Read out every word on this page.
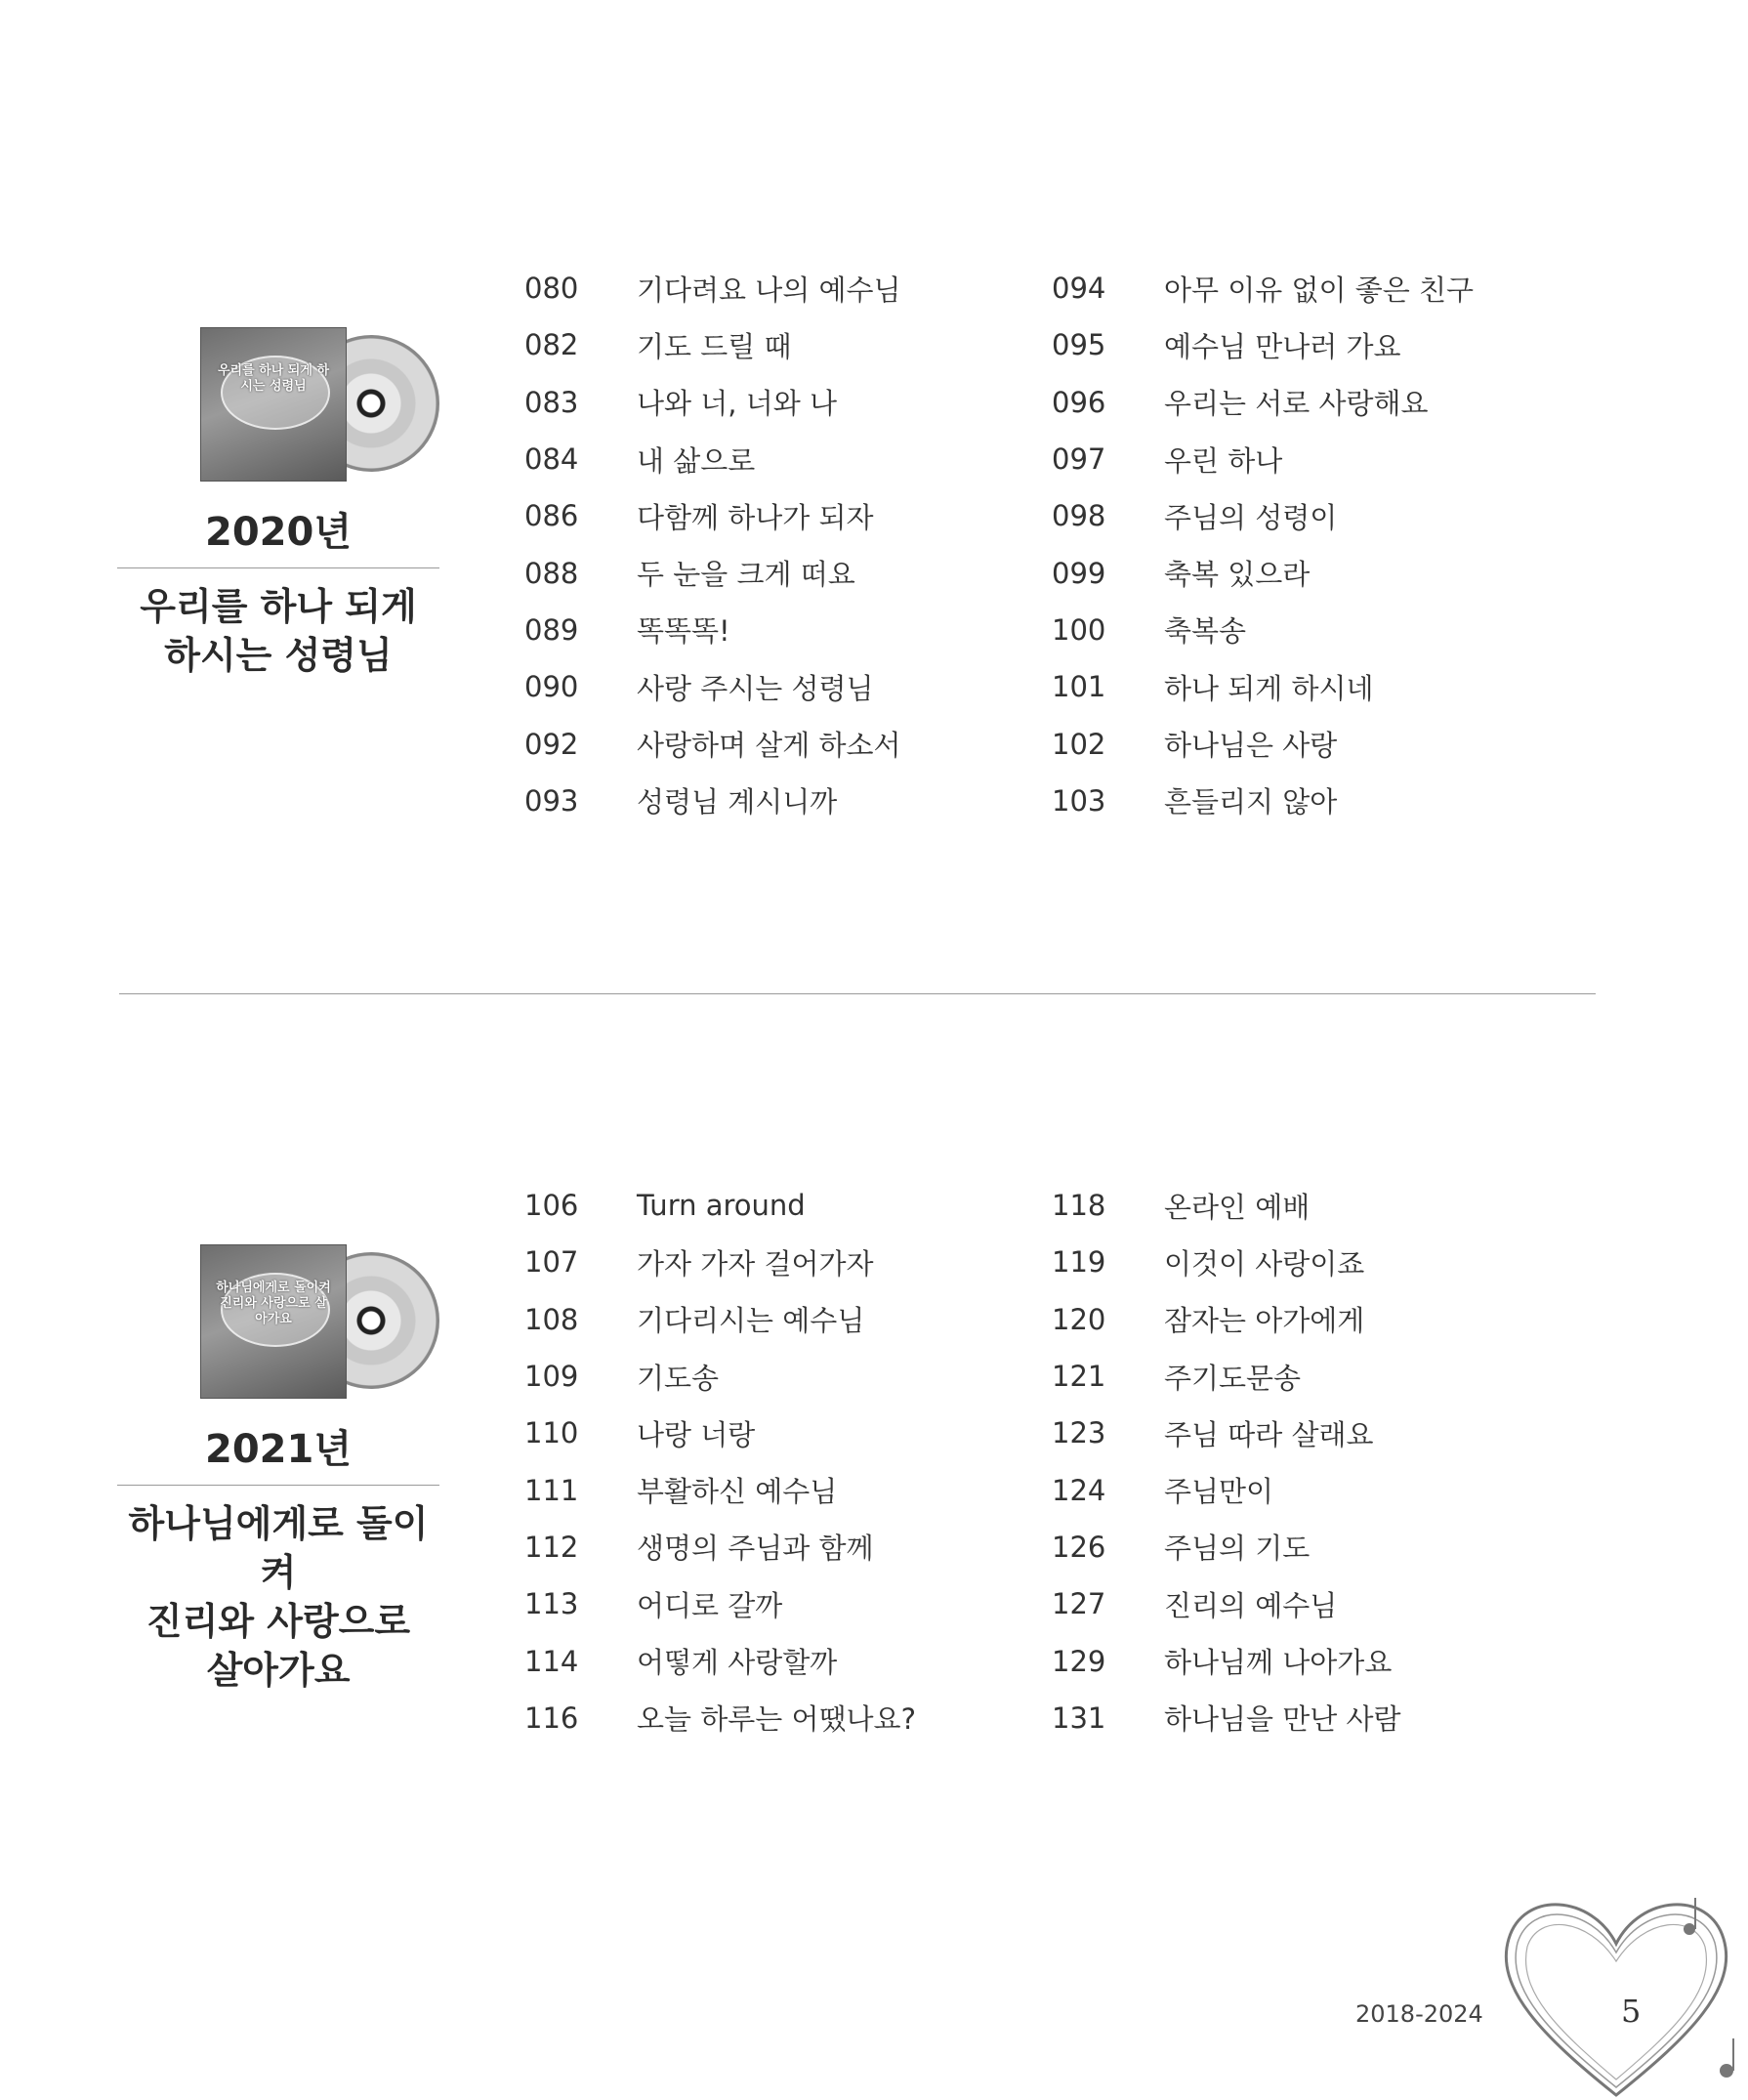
우리를 하나 되게 하시는 성령님
2020년
우리를 하나 되게
하시는 성령님
080	기다려요 나의 예수님
082	기도 드릴 때
083	나와 너, 너와 나
084	내 삶으로
086	다함께 하나가 되자
088	두 눈을 크게 떠요
089	똑똑똑!
090	사랑 주시는 성령님
092	사랑하며 살게 하소서
093	성령님 계시니까
094	아무 이유 없이 좋은 친구
095	예수님 만나러 가요
096	우리는 서로 사랑해요
097	우린 하나
098	주님의 성령이
099	축복 있으라
100	축복송
101	하나 되게 하시네
102	하나님은 사랑
103	흔들리지 않아
하나님에게로 돌이켜 진리와 사랑으로 살아가요
2021년
하나님에게로 돌이켜
진리와 사랑으로
살아가요
106	Turn around
107	가자 가자 걸어가자
108	기다리시는 예수님
109	기도송
110	나랑 너랑
111	부활하신 예수님
112	생명의 주님과 함께
113	어디로 갈까
114	어떻게 사랑할까
116	오늘 하루는 어땠나요?
118	온라인 예배
119	이것이 사랑이죠
120	잠자는 아가에게
121	주기도문송
123	주님 따라 살래요
124	주님만이
126	주님의 기도
127	진리의 예수님
129	하나님께 나아가요
131	하나님을 만난 사람
2018-2024	5
